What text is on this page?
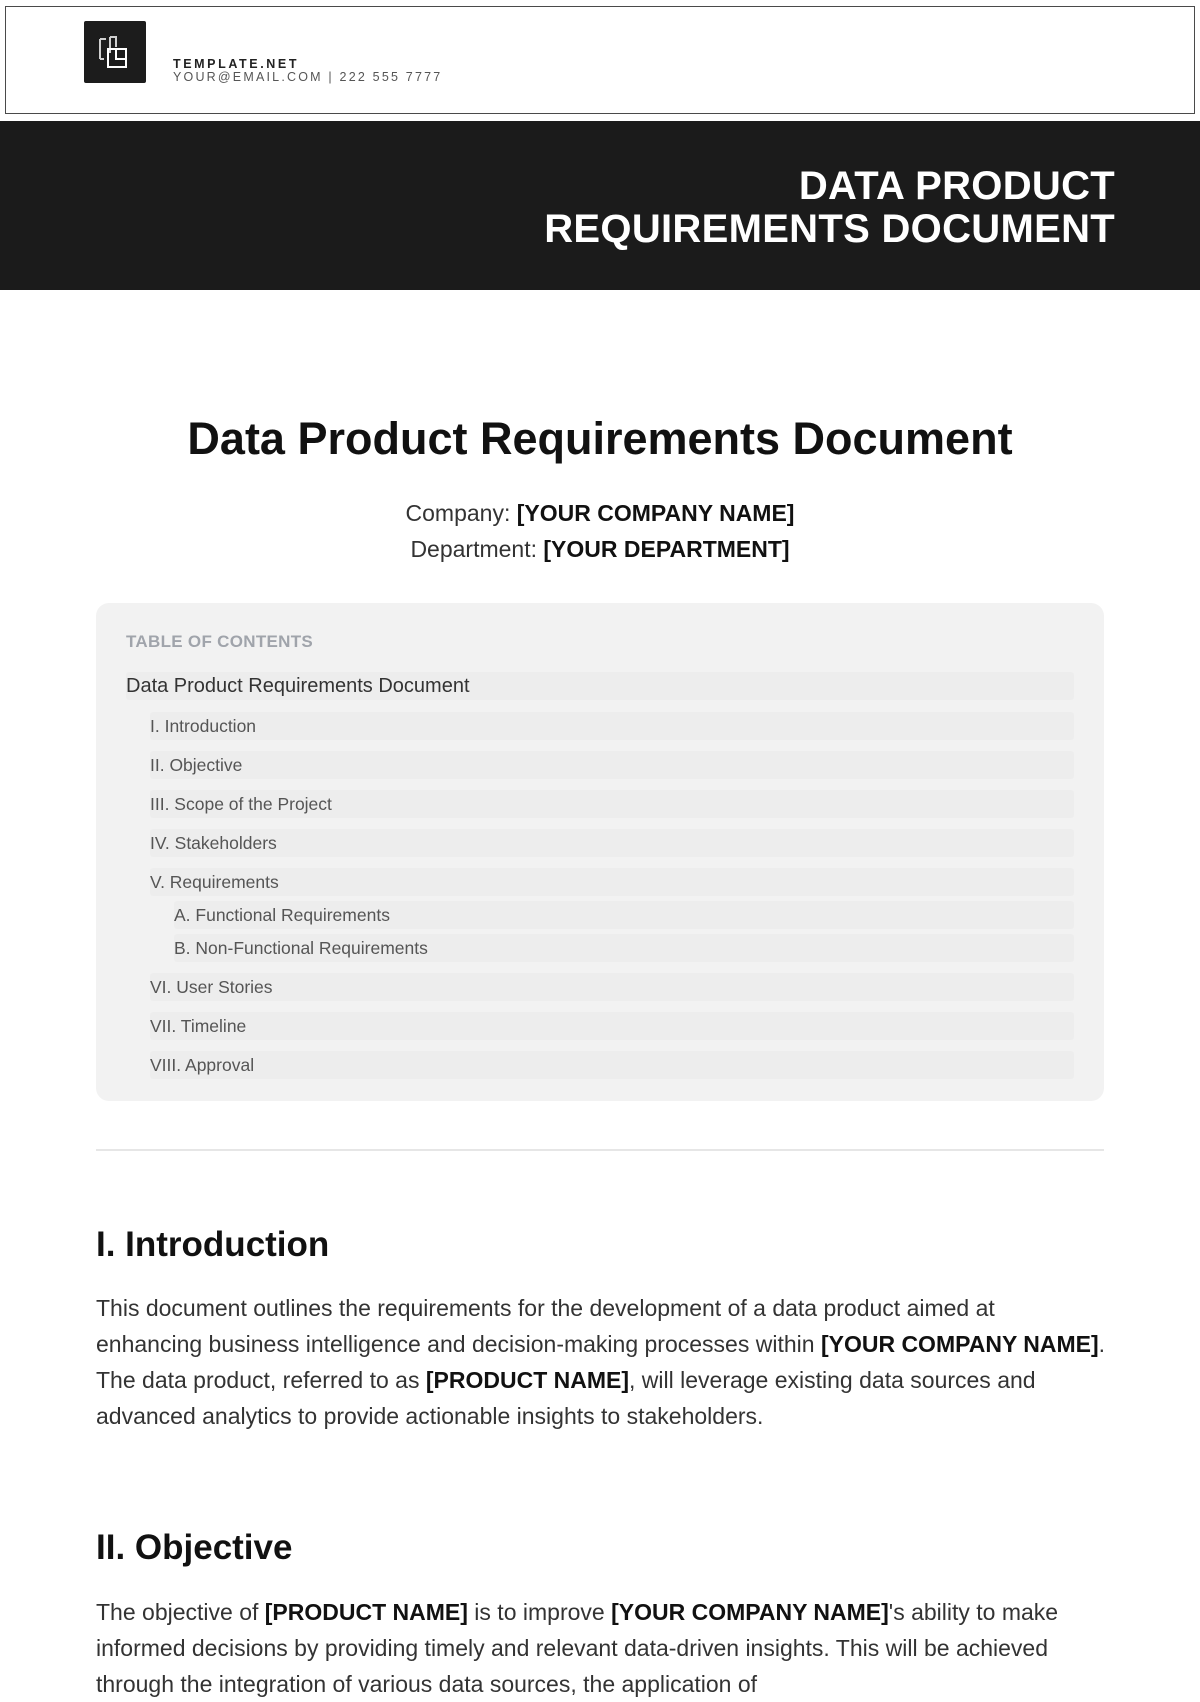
TEMPLATE.NET
YOUR@EMAIL.COM | 222 555 7777
DATA PRODUCT
REQUIREMENTS DOCUMENT
Data Product Requirements Document
Company: [YOUR COMPANY NAME]
Department: [YOUR DEPARTMENT]
TABLE OF CONTENTS
Data Product Requirements Document
I. Introduction
II. Objective
III. Scope of the Project
IV. Stakeholders
V. Requirements
A. Functional Requirements
B. Non-Functional Requirements
VI. User Stories
VII. Timeline
VIII. Approval
I. Introduction
This document outlines the requirements for the development of a data product aimed at enhancing business intelligence and decision-making processes within [YOUR COMPANY NAME]. The data product, referred to as [PRODUCT NAME], will leverage existing data sources and advanced analytics to provide actionable insights to stakeholders.
II. Objective
The objective of [PRODUCT NAME] is to improve [YOUR COMPANY NAME]'s ability to make informed decisions by providing timely and relevant data-driven insights. This will be achieved through the integration of various data sources, the application of
